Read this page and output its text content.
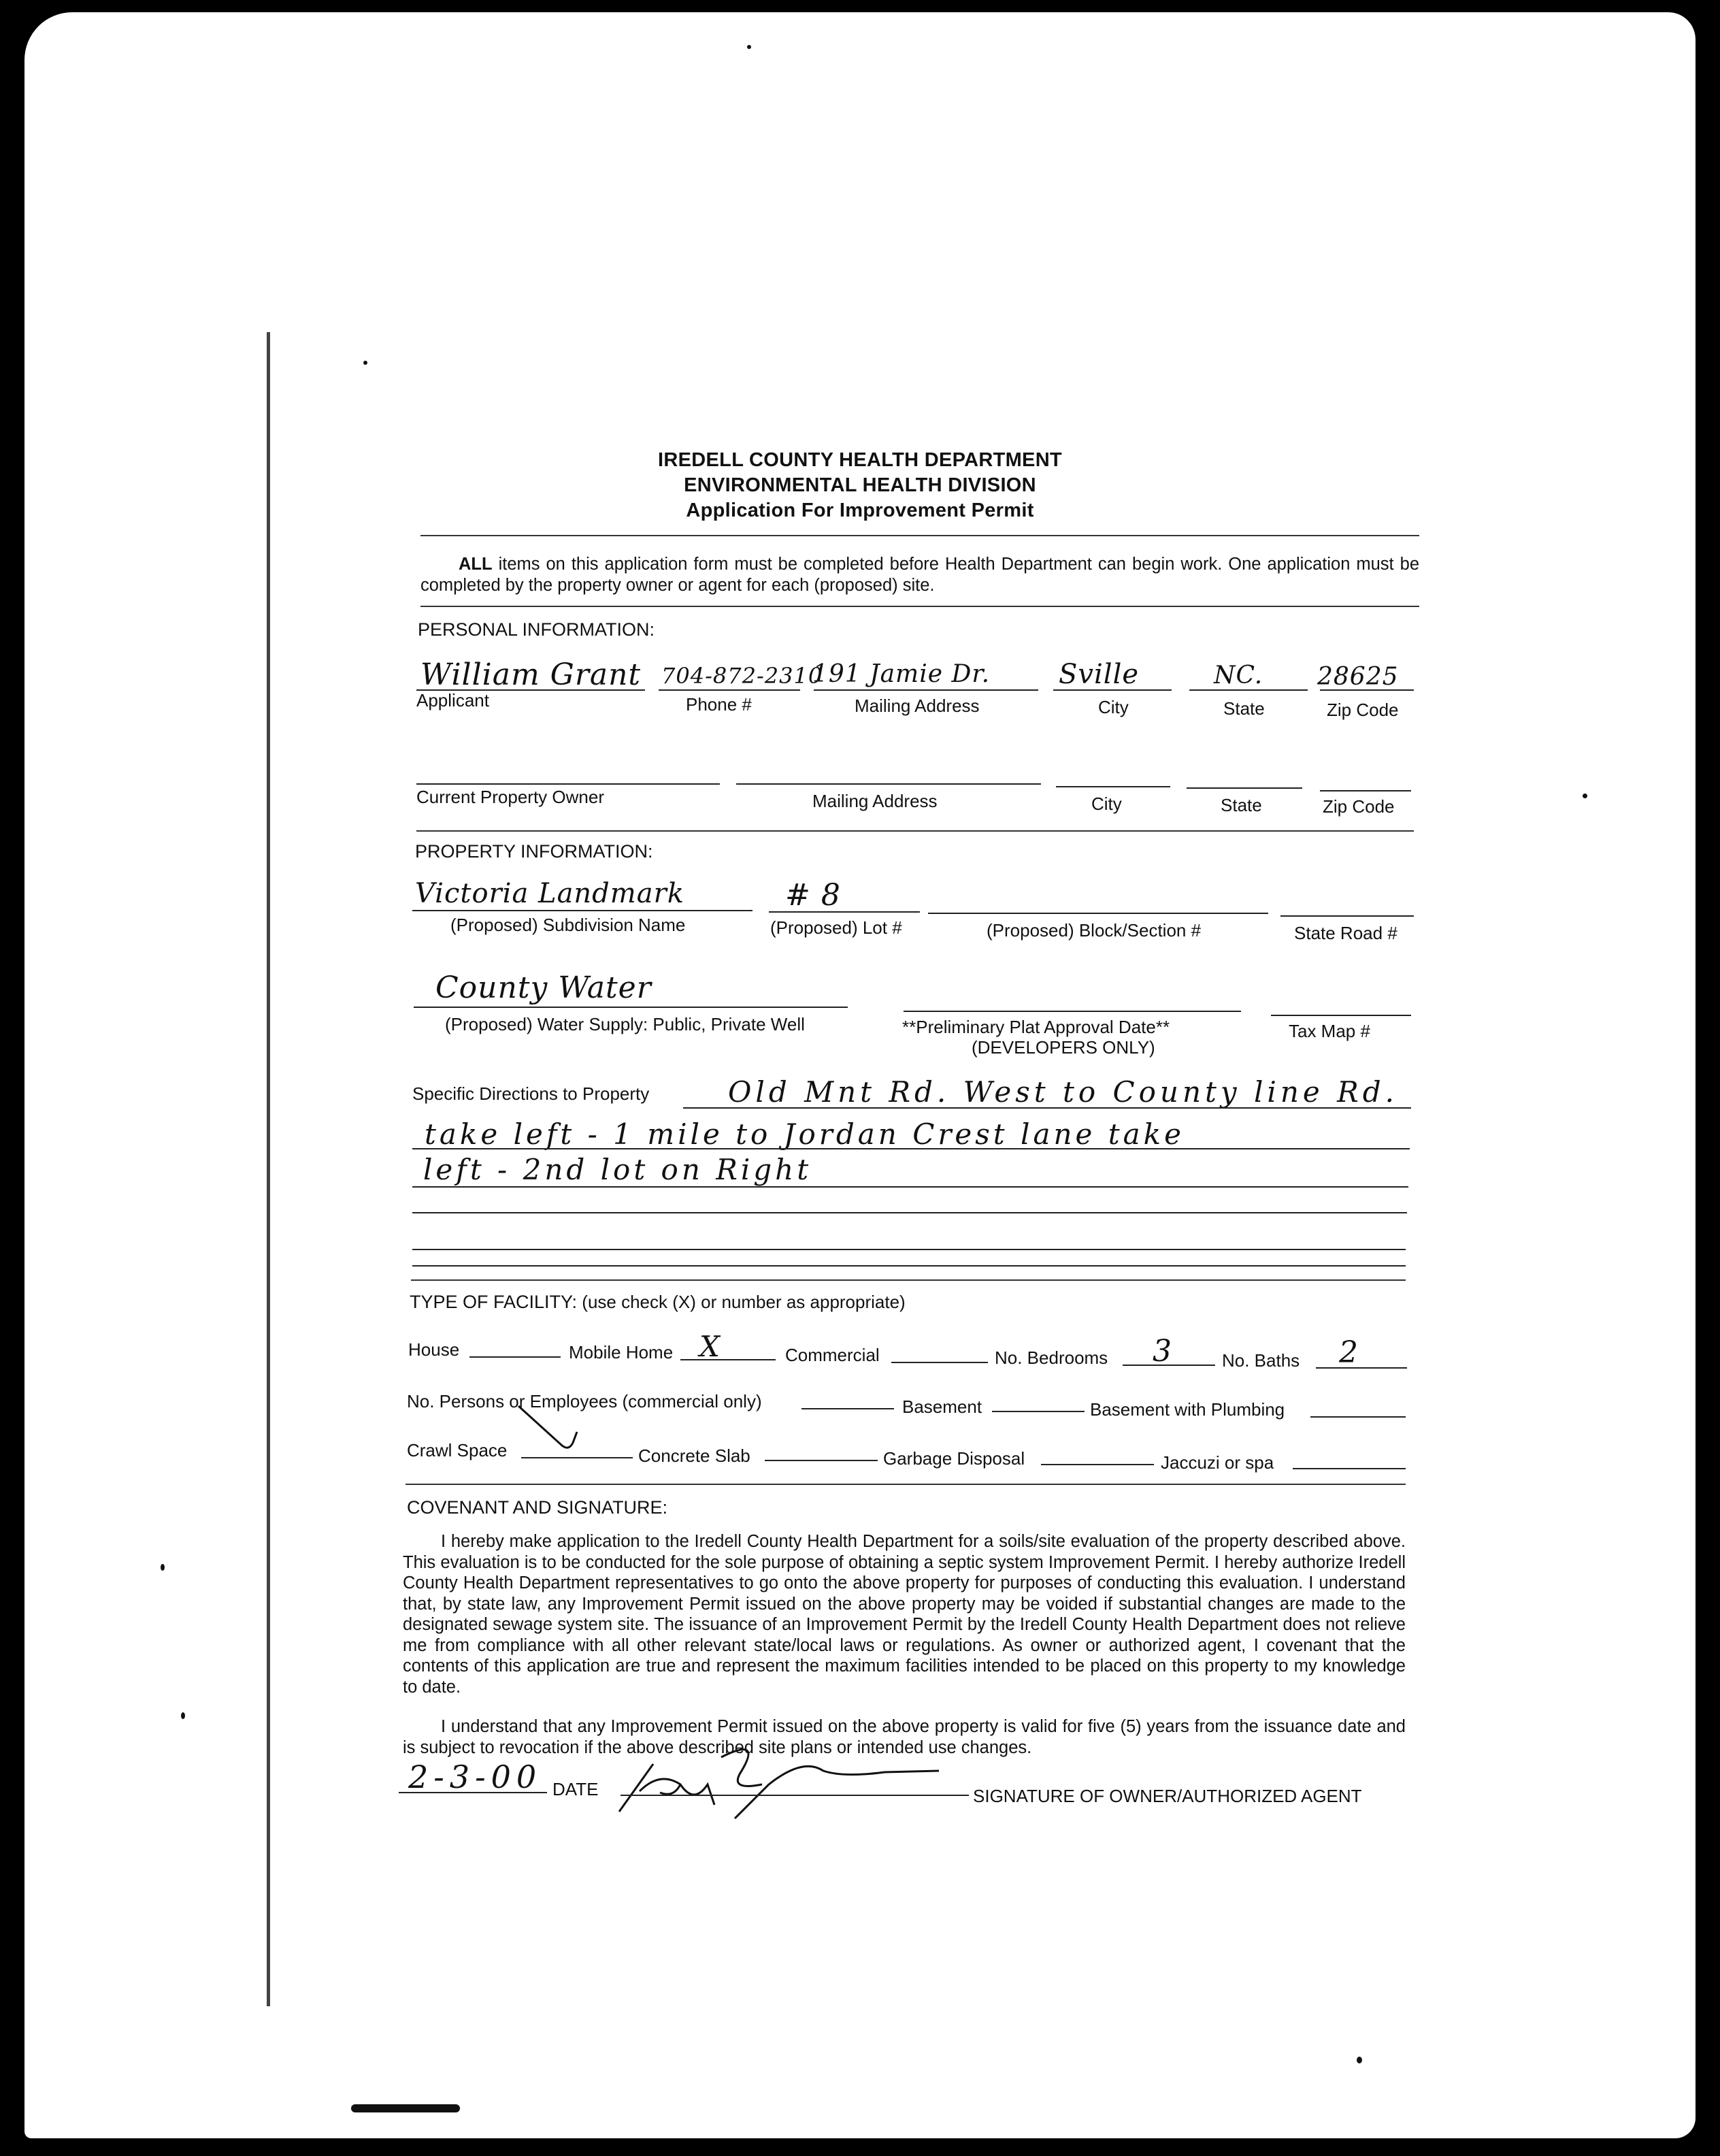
IREDELL COUNTY HEALTH DEPARTMENT
ENVIRONMENTAL HEALTH DIVISION
Application For Improvement Permit
ALL items on this application form must be completed before Health Department can begin work. One application must be completed by the property owner or agent for each (proposed) site.
PERSONAL INFORMATION:
William Grant 704-872-2310
191 Jamie Dr.	Sville	NC. 28625
Applicant	Phone #	Mailing Address	City	State	Zip Code
Current Property Owner	Mailing Address	City	State	Zip Code
PROPERTY INFORMATION:
Victoria Landmark	# 8
(Proposed) Subdivision Name	(Proposed) Lot #	(Proposed) Block/Section #	State Road #
County Water
(Proposed) Water Supply: Public, Private Well	**Preliminary Plat Approval Date**
(DEVELOPERS ONLY)
Tax Map #
Specific Directions to Property	Old Mnt Rd. West to County line Rd.
take left - 1 mile to Jordan Crest lane take
left - 2nd lot on Right
TYPE OF FACILITY: (use check (X) or number as appropriate)
House	Mobile Home X	Commercial	No. Bedrooms 3	No. Baths 2
No. Persons or Employees (commercial only)	Basement	Basement with Plumbing
Crawl Space	Concrete Slab	Garbage Disposal	Jaccuzi or spa
COVENANT AND SIGNATURE:
I hereby make application to the Iredell County Health Department for a soils/site evaluation of the property described above. This evaluation is to be conducted for the sole purpose of obtaining a septic system Improvement Permit. I hereby authorize Iredell County Health Department representatives to go onto the above property for purposes of conducting this evaluation. I understand that, by state law, any Improvement Permit issued on the above property may be voided if substantial changes are made to the designated sewage system site. The issuance of an Improvement Permit by the Iredell County Health Department does not relieve me from compliance with all other relevant state/local laws or regulations. As owner or authorized agent, I covenant that the contents of this application are true and represent the maximum facilities intended to be placed on this property to my knowledge to date.
I understand that any Improvement Permit issued on the above property is valid for five (5) years from the issuance date and is subject to revocation if the above described site plans or intended use changes.
2-3-00 DATE	SIGNATURE OF OWNER/AUTHORIZED AGENT
